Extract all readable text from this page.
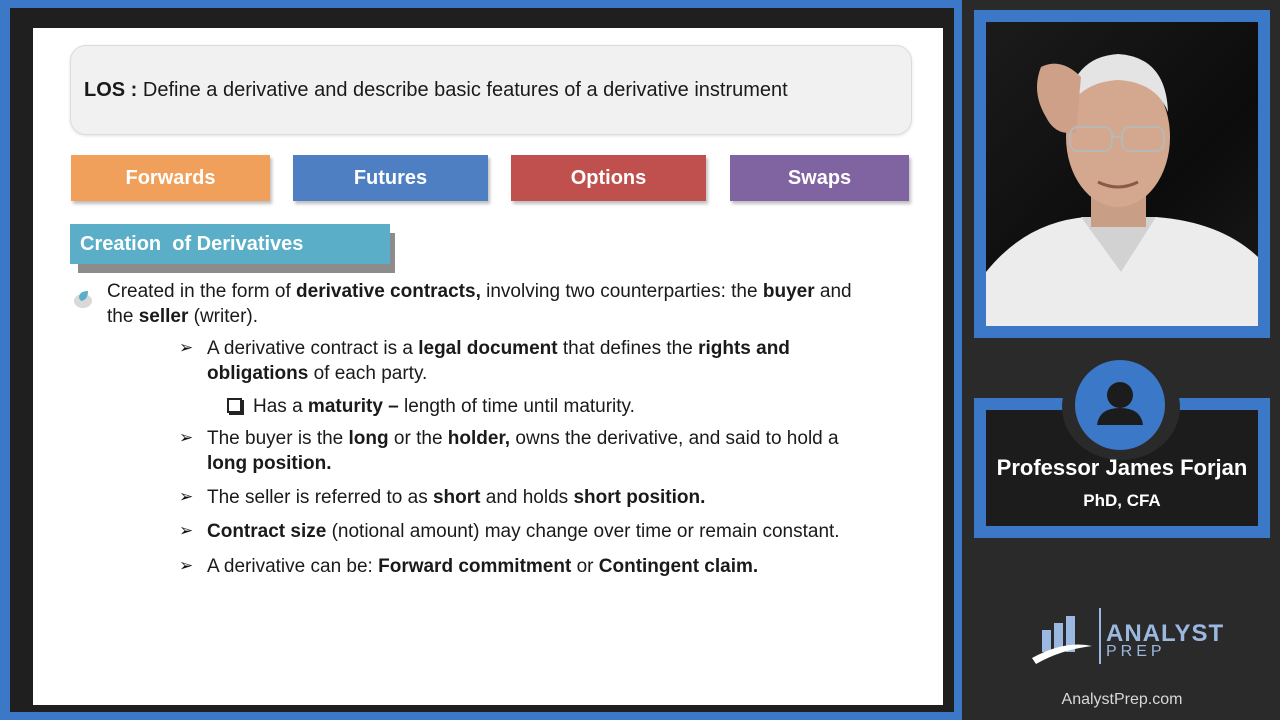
LOS : Define a derivative and describe basic features of a derivative instrument
Forwards	Futures	Options	Swaps
Creation  of Derivatives
Created in the form of derivative contracts, involving two counterparties: the buyer and
the seller (writer).
➢ A derivative contract is a legal document that defines the rights and
obligations of each party.
Has a maturity – length of time until maturity.
➢ The buyer is the long or the holder, owns the derivative, and said to hold a
long position.
➢ The seller is referred to as short and holds short position.
➢ Contract size (notional amount) may change over time or remain constant.
➢ A derivative can be: Forward commitment or Contingent claim.
Professor James Forjan
PhD, CFA
ANALYST
PREP
AnalystPrep.com
